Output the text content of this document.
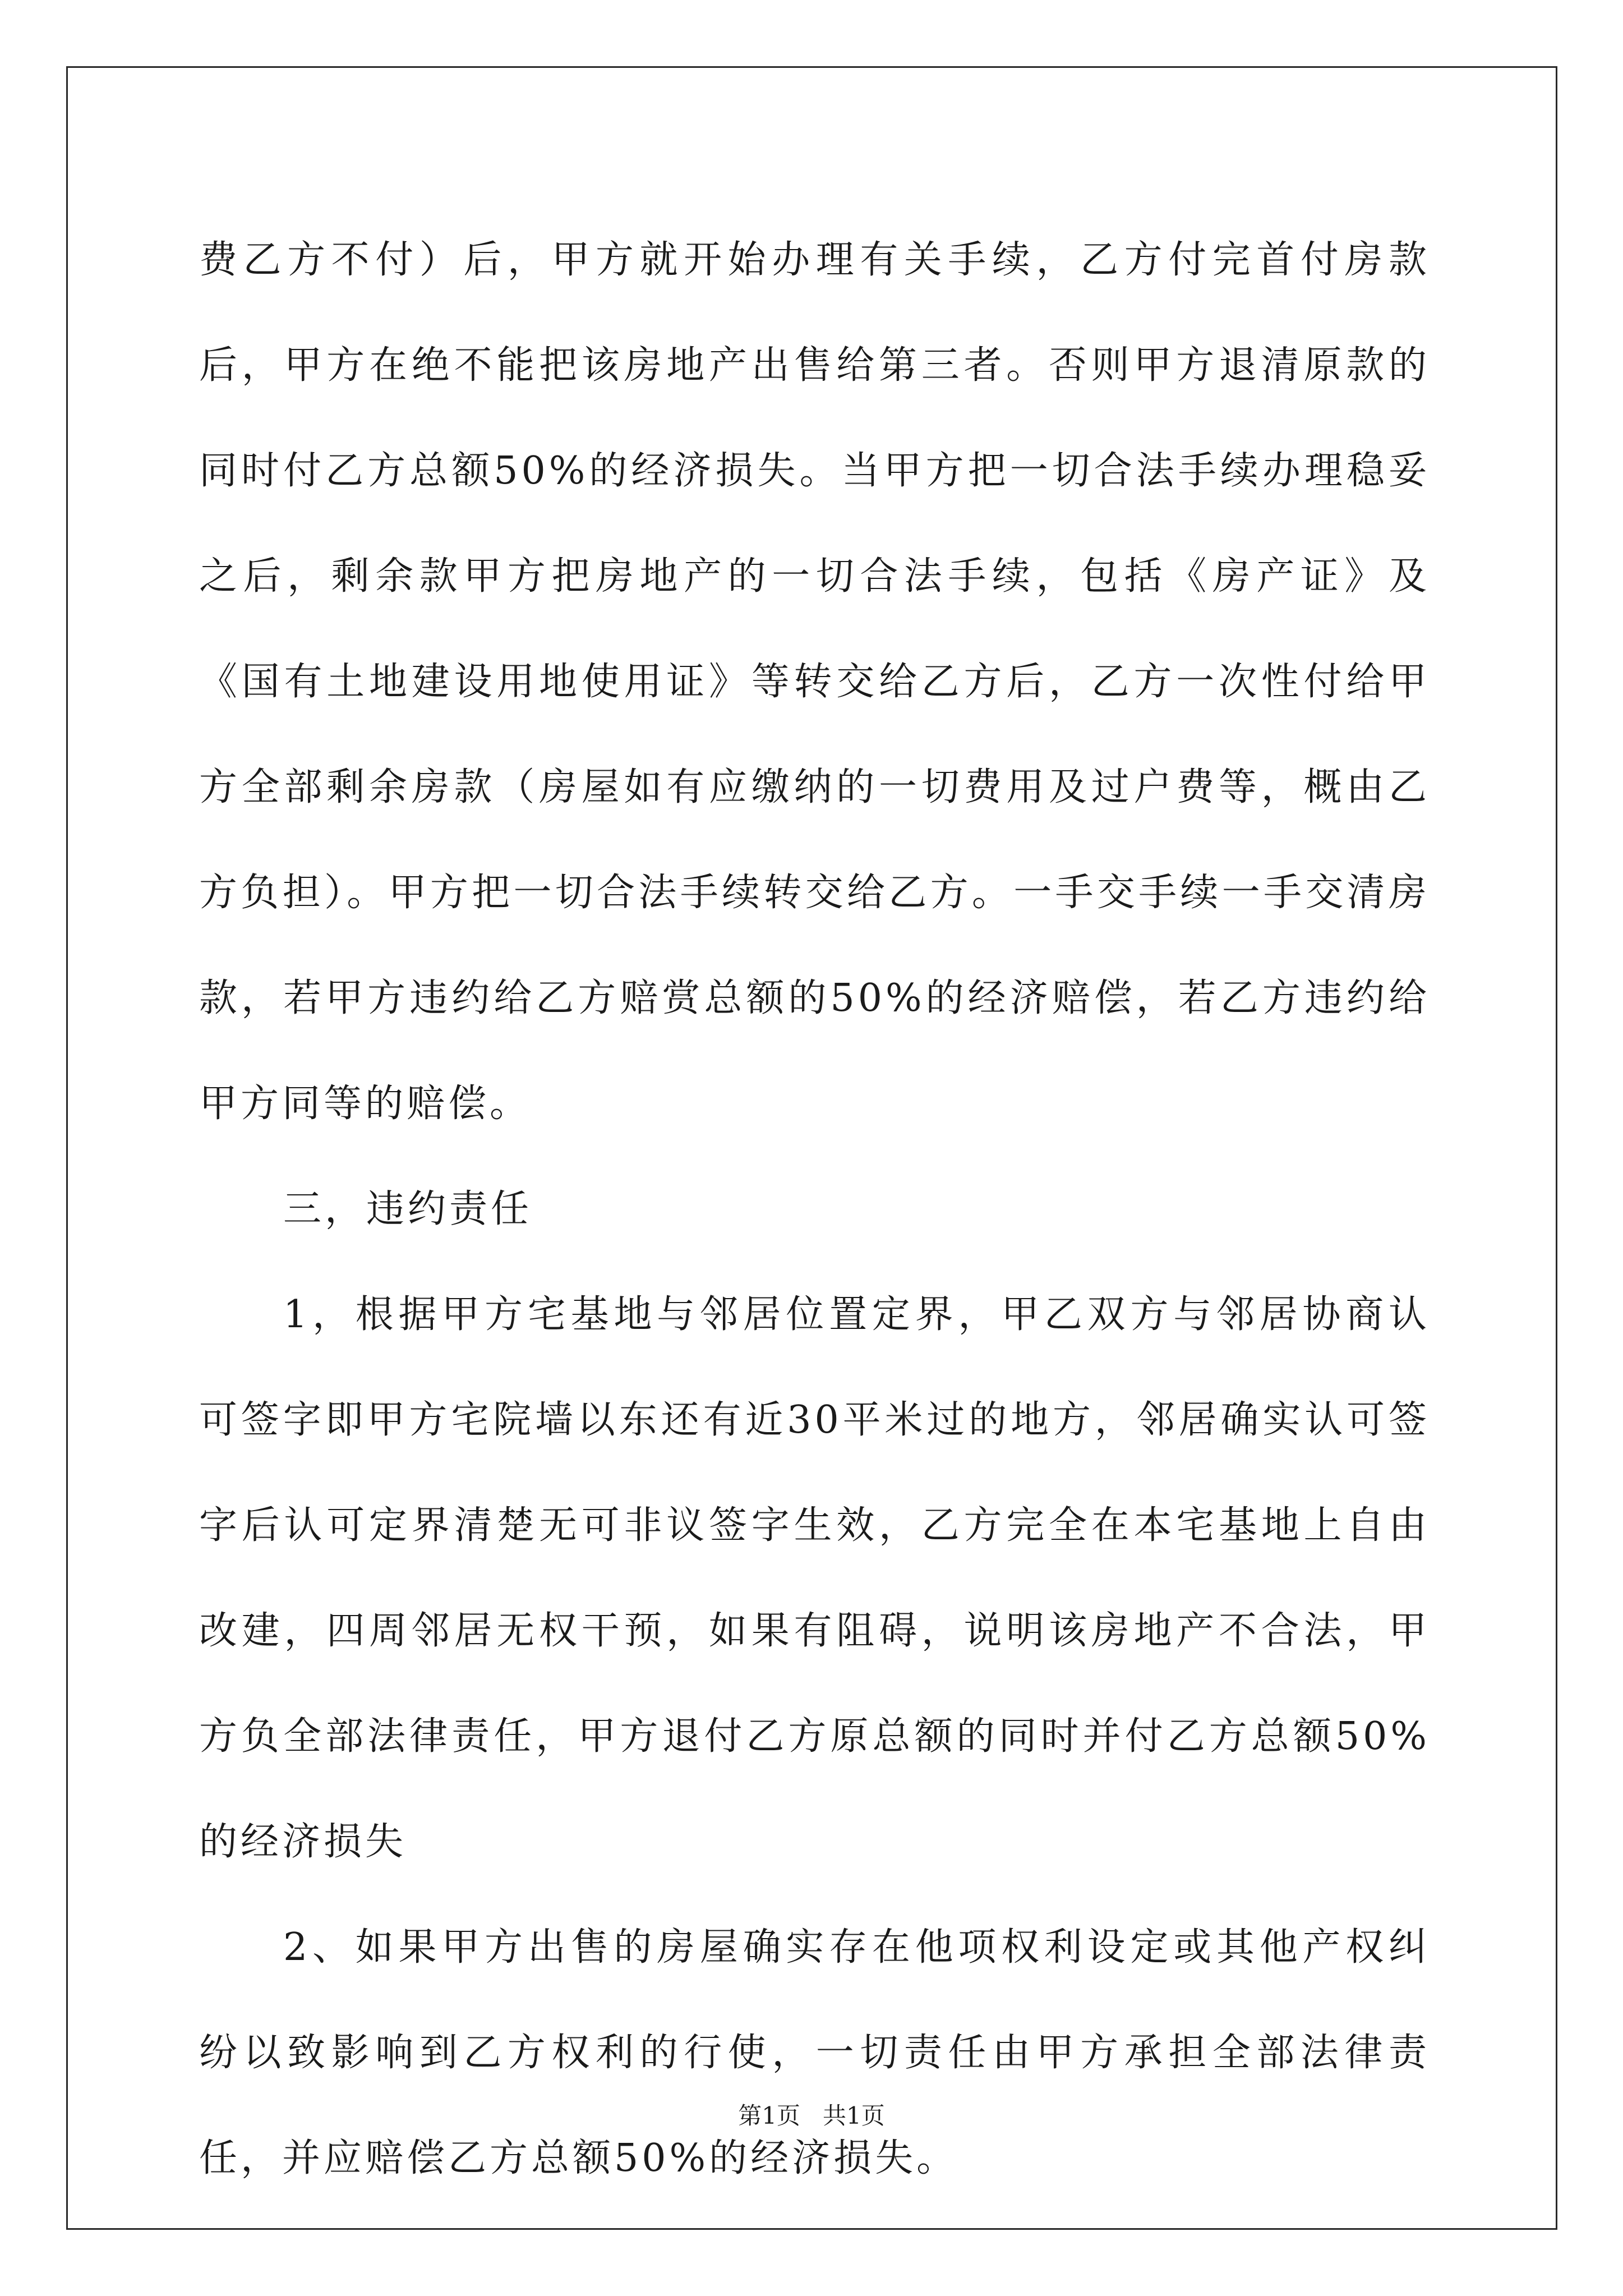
费乙方不付）后，甲方就开始办理有关手续，乙方付完首付房款后，甲方在绝不能把该房地产出售给第三者。否则甲方退清原款的同时付乙方总额50%的经济损失。当甲方把一切合法手续办理稳妥之后，剩余款甲方把房地产的一切合法手续，包括《房产证》及《国有土地建设用地使用证》等转交给乙方后，乙方一次性付给甲方全部剩余房款（房屋如有应缴纳的一切费用及过户费等，概由乙方负担）。甲方把一切合法手续转交给乙方。一手交手续一手交清房款，若甲方违约给乙方赔赏总额的50%的经济赔偿，若乙方违约给甲方同等的赔偿。

三，违约责任

1，根据甲方宅基地与邻居位置定界，甲乙双方与邻居协商认可签字即甲方宅院墙以东还有近30平米过的地方，邻居确实认可签字后认可定界清楚无可非议签字生效，乙方完全在本宅基地上自由改建，四周邻居无权干预，如果有阻碍，说明该房地产不合法，甲方负全部法律责任，甲方退付乙方原总额的同时并付乙方总额50%的经济损失

2、如果甲方出售的房屋确实存在他项权利设定或其他产权纠纷以致影响到乙方权利的行使，一切责任由甲方承担全部法律责任，并应赔偿乙方总额50%的经济损失。

第1页 共1页
